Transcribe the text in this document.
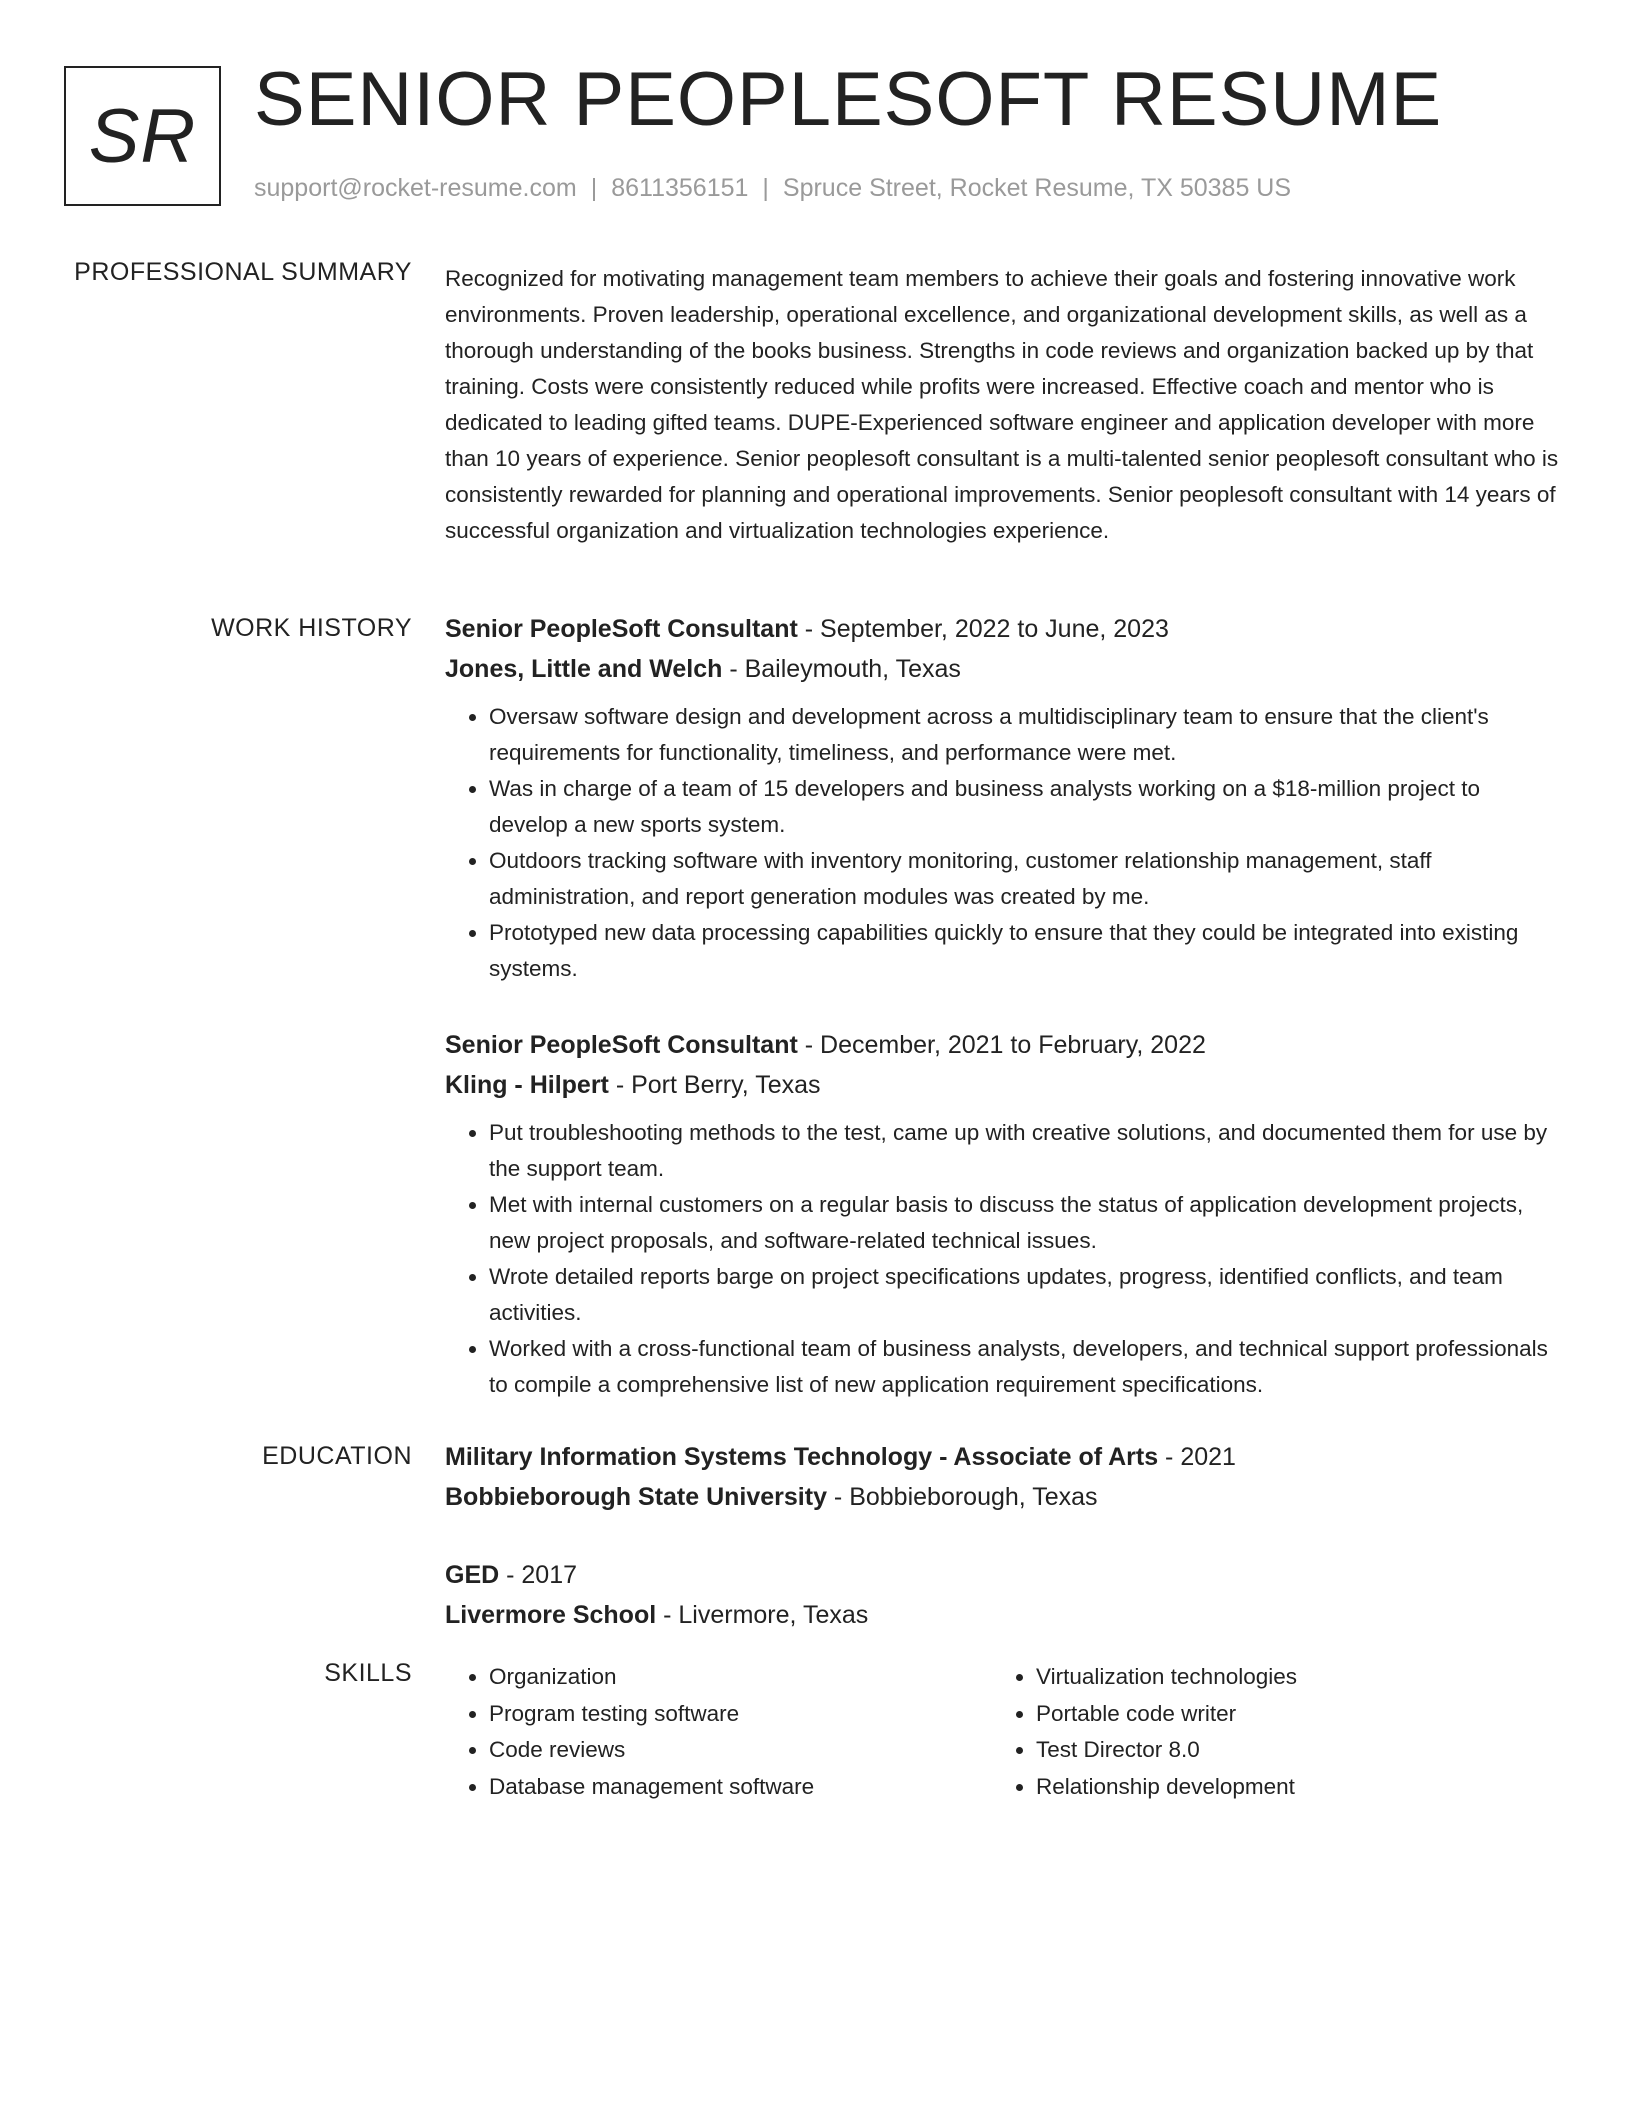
SR SENIOR PEOPLESOFT RESUME
support@rocket-resume.com | 8611356151 | Spruce Street, Rocket Resume, TX 50385 US
PROFESSIONAL SUMMARY Recognized for motivating management team members to achieve their goals and fostering innovative work environments. Proven leadership, operational excellence, and organizational development skills, as well as a thorough understanding of the books business. Strengths in code reviews and organization backed up by that training. Costs were consistently reduced while profits were increased. Effective coach and mentor who is dedicated to leading gifted teams. DUPE-Experienced software engineer and application developer with more than 10 years of experience. Senior peoplesoft consultant is a multi-talented senior peoplesoft consultant who is consistently rewarded for planning and operational improvements. Senior peoplesoft consultant with 14 years of successful organization and virtualization technologies experience.

WORK HISTORY Senior PeopleSoft Consultant - September, 2022 to June, 2023
Jones, Little and Welch - Baileymouth, Texas
• Oversaw software design and development across a multidisciplinary team to ensure that the client's requirements for functionality, timeliness, and performance were met.
• Was in charge of a team of 15 developers and business analysts working on a $18-million project to develop a new sports system.
• Outdoors tracking software with inventory monitoring, customer relationship management, staff administration, and report generation modules was created by me.
• Prototyped new data processing capabilities quickly to ensure that they could be integrated into existing systems.
Senior PeopleSoft Consultant - December, 2021 to February, 2022
Kling - Hilpert - Port Berry, Texas
• Put troubleshooting methods to the test, came up with creative solutions, and documented them for use by the support team.
• Met with internal customers on a regular basis to discuss the status of application development projects, new project proposals, and software-related technical issues.
• Wrote detailed reports barge on project specifications updates, progress, identified conflicts, and team activities.
• Worked with a cross-functional team of business analysts, developers, and technical support professionals to compile a comprehensive list of new application requirement specifications.
EDUCATION Military Information Systems Technology - Associate of Arts - 2021
Bobbieborough State University - Bobbieborough, Texas
GED - 2017
Livermore School - Livermore, Texas
SKILLS
•	Organization
• Program testing software
• Code reviews
• Database management software
• Virtualization technologies
• Portable code writer
• Test Director 8.0
• Relationship development
